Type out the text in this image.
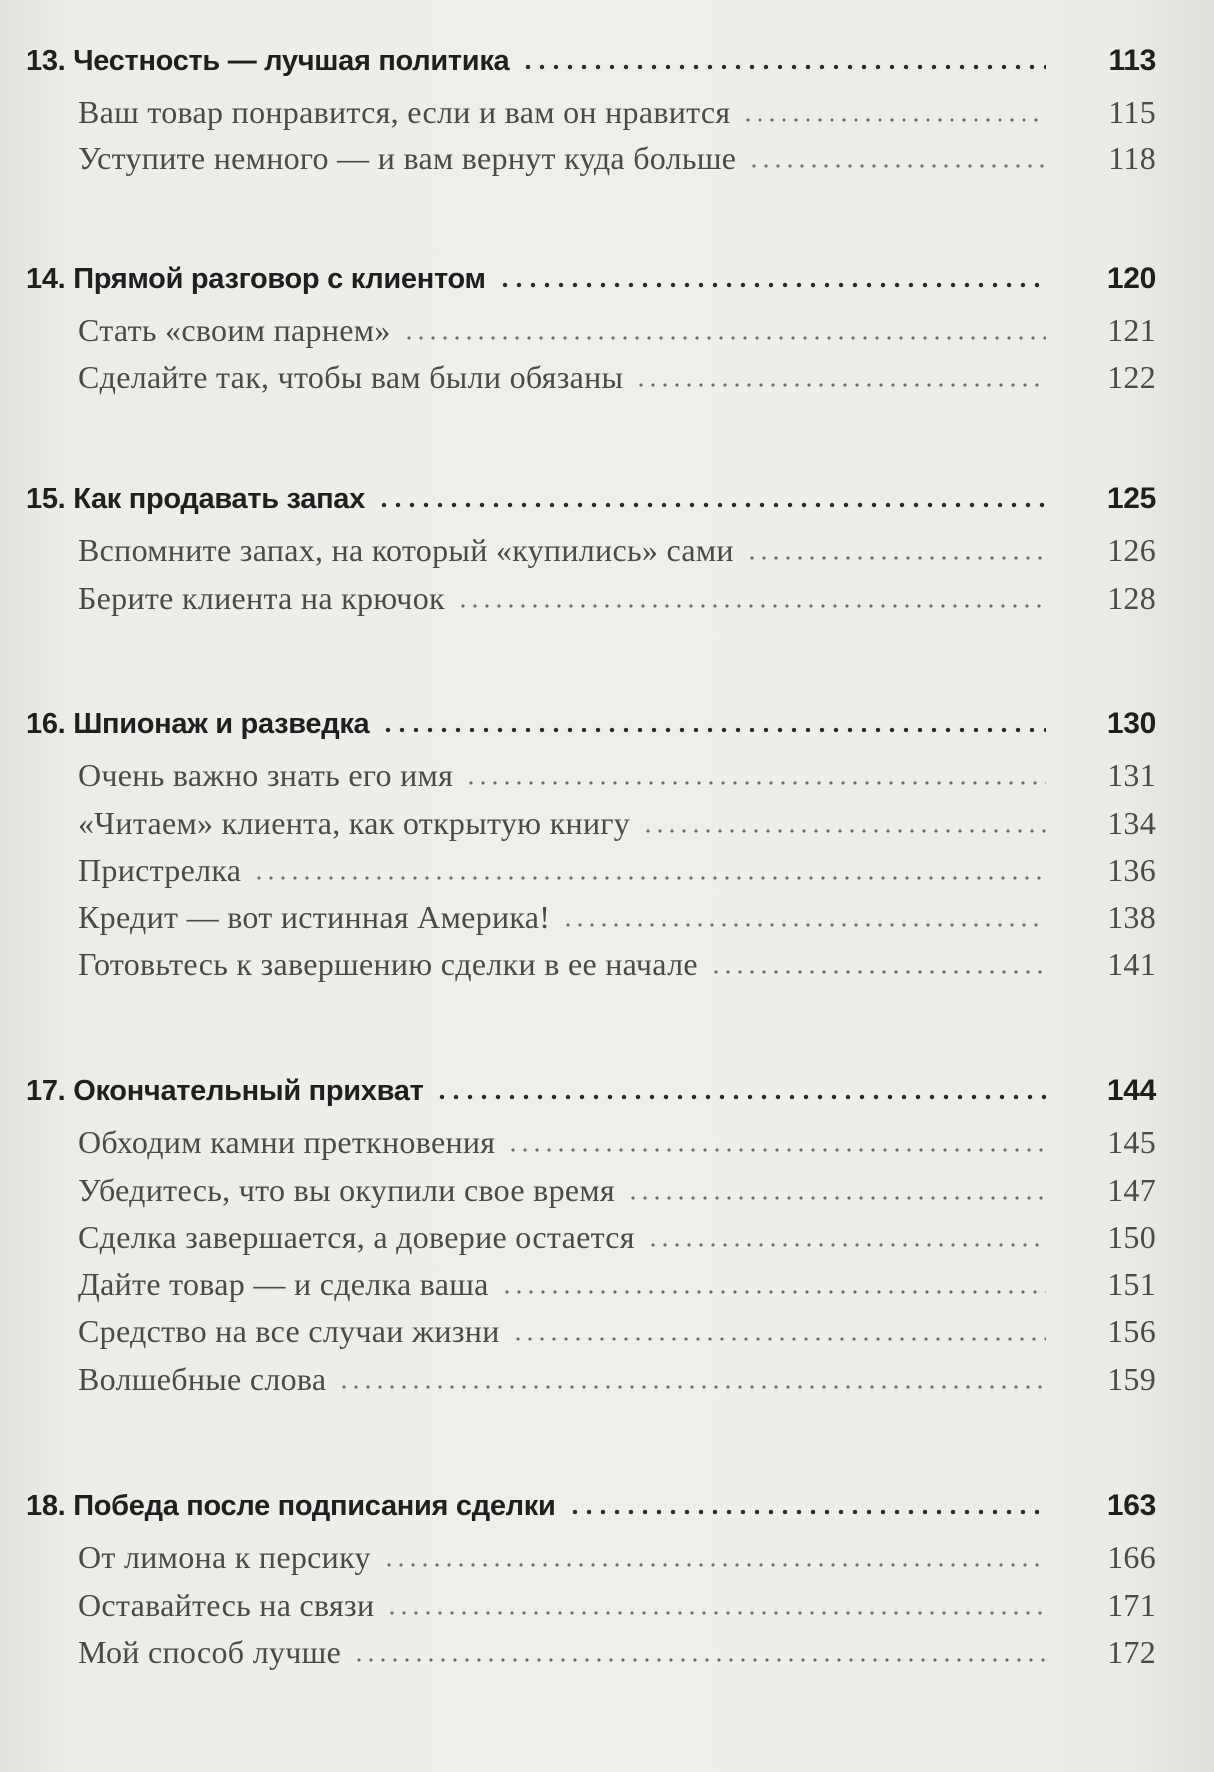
13. Честность — лучшая политика	113
Ваш товар понравится, если и вам он нравится	115
Уступите немного — и вам вернут куда больше	118
14. Прямой разговор с клиентом	120
Стать «своим парнем»	121
Сделайте так, чтобы вам были обязаны	122
15. Как продавать запах	125
Вспомните запах, на который «купились» сами	126
Берите клиента на крючок	128
16. Шпионаж и разведка	130
Очень важно знать его имя	131
«Читаем» клиента, как открытую книгу	134
Пристрелка	136
Кредит — вот истинная Америка!	138
Готовьтесь к завершению сделки в ее начале	141
17. Окончательный прихват	144
Обходим камни преткновения	145
Убедитесь, что вы окупили свое время	147
Сделка завершается, а доверие остается	150
Дайте товар — и сделка ваша	151
Средство на все случаи жизни	156
Волшебные слова	159
18. Победа после подписания сделки	163
От лимона к персику	166
Оставайтесь на связи	171
Мой способ лучше	172
